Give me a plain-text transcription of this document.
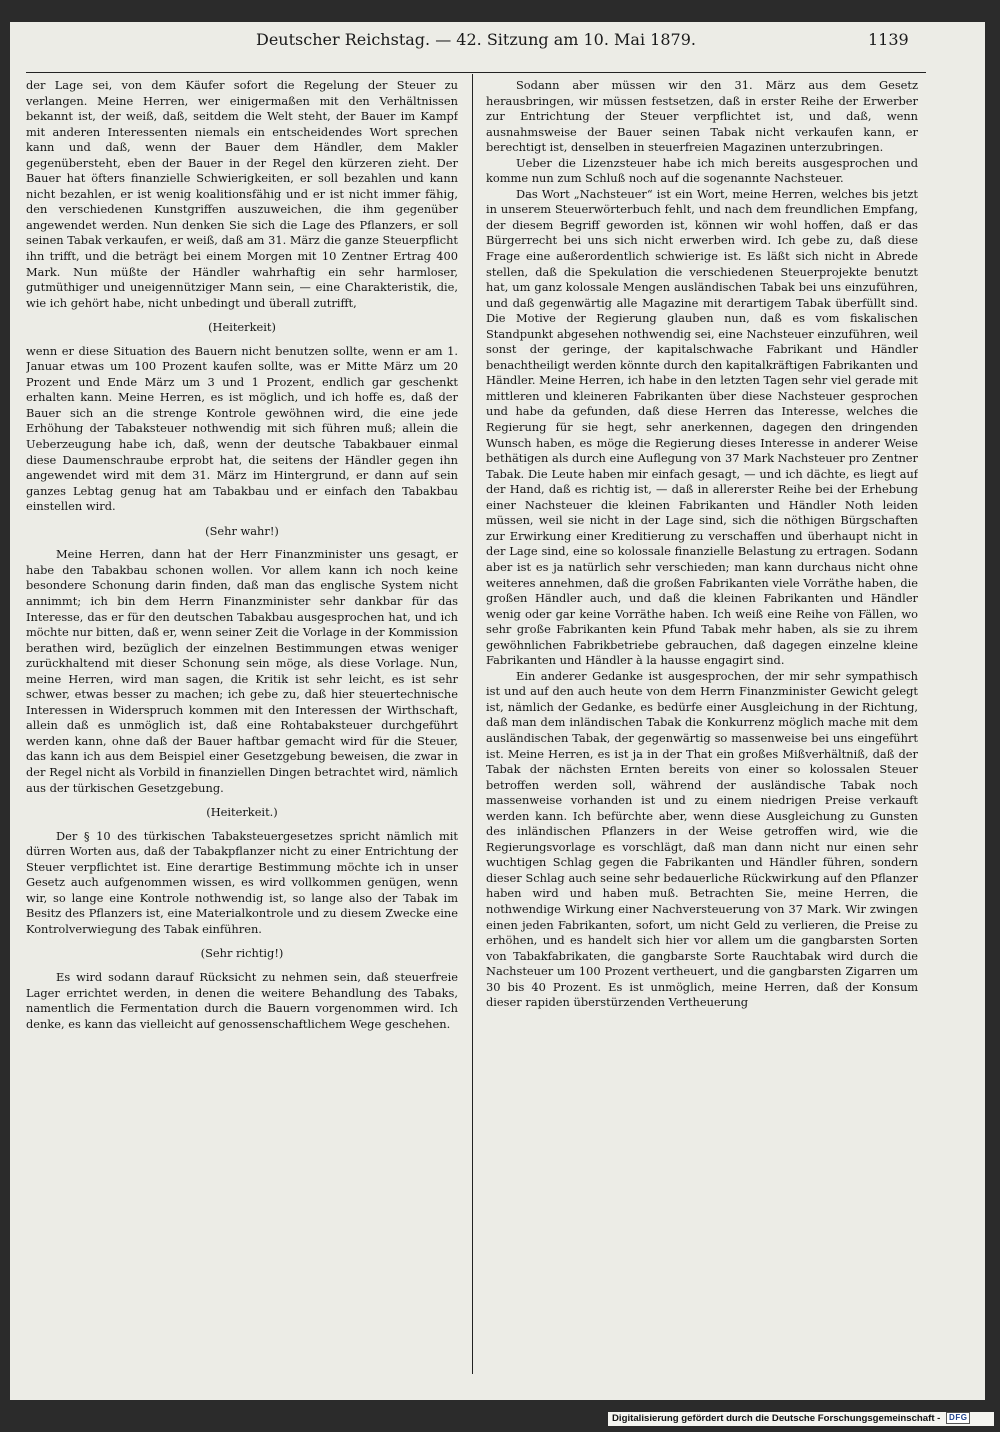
Deutscher Reichstag. — 42. Sitzung am 10. Mai 1879.	1139

der Lage sei, von dem Käufer sofort die Regelung der Steuer zu verlangen. Meine Herren, wer einigermaßen mit den Verhältnissen bekannt ist, der weiß, daß, seitdem die Welt steht, der Bauer im Kampf mit anderen Interessenten niemals ein entscheidendes Wort sprechen kann und daß, wenn der Bauer dem Händler, dem Makler gegenübersteht, eben der Bauer in der Regel den kürzeren zieht. Der Bauer hat öfters finanzielle Schwierigkeiten, er soll bezahlen und kann nicht bezahlen, er ist wenig koalitionsfähig und er ist nicht immer fähig, den verschiedenen Kunstgriffen auszuweichen, die ihm gegenüber angewendet werden. Nun denken Sie sich die Lage des Pflanzers, er soll seinen Tabak verkaufen, er weiß, daß am 31. März die ganze Steuerpflicht ihn trifft, und die beträgt bei einem Morgen mit 10 Zentner Ertrag 400 Mark. Nun müßte der Händler wahrhaftig ein sehr harmloser, gutmüthiger und uneigennütziger Mann sein, — eine Charakteristik, die, wie ich gehört habe, nicht unbedingt und überall zutrifft,

(Heiterkeit)

wenn er diese Situation des Bauern nicht benutzen sollte, wenn er am 1. Januar etwas um 100 Prozent kaufen sollte, was er Mitte März um 20 Prozent und Ende März um 3 und 1 Prozent, endlich gar geschenkt erhalten kann. Meine Herren, es ist möglich, und ich hoffe es, daß der Bauer sich an die strenge Kontrole gewöhnen wird, die eine jede Erhöhung der Tabaksteuer nothwendig mit sich führen muß; allein die Ueberzeugung habe ich, daß, wenn der deutsche Tabakbauer einmal diese Daumenschraube erprobt hat, die seitens der Händler gegen ihn angewendet wird mit dem 31. März im Hintergrund, er dann auf sein ganzes Lebtag genug hat am Tabakbau und er einfach den Tabakbau einstellen wird.

(Sehr wahr!)

Meine Herren, dann hat der Herr Finanzminister uns gesagt, er habe den Tabakbau schonen wollen. Vor allem kann ich noch keine besondere Schonung darin finden, daß man das englische System nicht annimmt; ich bin dem Herrn Finanzminister sehr dankbar für das Interesse, das er für den deutschen Tabakbau ausgesprochen hat, und ich möchte nur bitten, daß er, wenn seiner Zeit die Vorlage in der Kommission berathen wird, bezüglich der einzelnen Bestimmungen etwas weniger zurückhaltend mit dieser Schonung sein möge, als diese Vorlage. Nun, meine Herren, wird man sagen, die Kritik ist sehr leicht, es ist sehr schwer, etwas besser zu machen; ich gebe zu, daß hier steuertechnische Interessen in Widerspruch kommen mit den Interessen der Wirthschaft, allein daß es unmöglich ist, daß eine Rohtabaksteuer durchgeführt werden kann, ohne daß der Bauer haftbar gemacht wird für die Steuer, das kann ich aus dem Beispiel einer Gesetzgebung beweisen, die zwar in der Regel nicht als Vorbild in finanziellen Dingen betrachtet wird, nämlich aus der türkischen Gesetzgebung.

(Heiterkeit.)

Der § 10 des türkischen Tabaksteuergesetzes spricht nämlich mit dürren Worten aus, daß der Tabakpflanzer nicht zu einer Entrichtung der Steuer verpflichtet ist. Eine derartige Bestimmung möchte ich in unser Gesetz auch aufgenommen wissen, es wird vollkommen genügen, wenn wir, so lange eine Kontrole nothwendig ist, so lange also der Tabak im Besitz des Pflanzers ist, eine Materialkontrole und zu diesem Zwecke eine Kontrolverwiegung des Tabak einführen.

(Sehr richtig!)

Es wird sodann darauf Rücksicht zu nehmen sein, daß steuerfreie Lager errichtet werden, in denen die weitere Behandlung des Tabaks, namentlich die Fermentation durch die Bauern vorgenommen wird. Ich denke, es kann das vielleicht auf genossenschaftlichem Wege geschehen.

Sodann aber müssen wir den 31. März aus dem Gesetz herausbringen, wir müssen festsetzen, daß in erster Reihe der Erwerber zur Entrichtung der Steuer verpflichtet ist, und daß, wenn ausnahmsweise der Bauer seinen Tabak nicht verkaufen kann, er berechtigt ist, denselben in steuerfreien Magazinen unterzubringen.

Ueber die Lizenzsteuer habe ich mich bereits ausgesprochen und komme nun zum Schluß noch auf die sogenannte Nachsteuer.

Das Wort „Nachsteuer“ ist ein Wort, meine Herren, welches bis jetzt in unserem Steuerwörterbuch fehlt, und nach dem freundlichen Empfang, der diesem Begriff geworden ist, können wir wohl hoffen, daß er das Bürgerrecht bei uns sich nicht erwerben wird. Ich gebe zu, daß diese Frage eine außerordentlich schwierige ist. Es läßt sich nicht in Abrede stellen, daß die Spekulation die verschiedenen Steuerprojekte benutzt hat, um ganz kolossale Mengen ausländischen Tabak bei uns einzuführen, und daß gegenwärtig alle Magazine mit derartigem Tabak überfüllt sind. Die Motive der Regierung glauben nun, daß es vom fiskalischen Standpunkt abgesehen nothwendig sei, eine Nachsteuer einzuführen, weil sonst der geringe, der kapitalschwache Fabrikant und Händler benachtheiligt werden könnte durch den kapitalkräftigen Fabrikanten und Händler. Meine Herren, ich habe in den letzten Tagen sehr viel gerade mit mittleren und kleineren Fabrikanten über diese Nachsteuer gesprochen und habe da gefunden, daß diese Herren das Interesse, welches die Regierung für sie hegt, sehr anerkennen, dagegen den dringenden Wunsch haben, es möge die Regierung dieses Interesse in anderer Weise bethätigen als durch eine Auflegung von 37 Mark Nachsteuer pro Zentner Tabak. Die Leute haben mir einfach gesagt, — und ich dächte, es liegt auf der Hand, daß es richtig ist, — daß in allererster Reihe bei der Erhebung einer Nachsteuer die kleinen Fabrikanten und Händler Noth leiden müssen, weil sie nicht in der Lage sind, sich die nöthigen Bürgschaften zur Erwirkung einer Kreditierung zu verschaffen und überhaupt nicht in der Lage sind, eine so kolossale finanzielle Belastung zu ertragen. Sodann aber ist es ja natürlich sehr verschieden; man kann durchaus nicht ohne weiteres annehmen, daß die großen Fabrikanten viele Vorräthe haben, die großen Händler auch, und daß die kleinen Fabrikanten und Händler wenig oder gar keine Vorräthe haben. Ich weiß eine Reihe von Fällen, wo sehr große Fabrikanten kein Pfund Tabak mehr haben, als sie zu ihrem gewöhnlichen Fabrikbetriebe gebrauchen, daß dagegen einzelne kleine Fabrikanten und Händler à la hausse engagirt sind.

Ein anderer Gedanke ist ausgesprochen, der mir sehr sympathisch ist und auf den auch heute von dem Herrn Finanzminister Gewicht gelegt ist, nämlich der Gedanke, es bedürfe einer Ausgleichung in der Richtung, daß man dem inländischen Tabak die Konkurrenz möglich mache mit dem ausländischen Tabak, der gegenwärtig so massenweise bei uns eingeführt ist. Meine Herren, es ist ja in der That ein großes Mißverhältniß, daß der Tabak der nächsten Ernten bereits von einer so kolossalen Steuer betroffen werden soll, während der ausländische Tabak noch massenweise vorhanden ist und zu einem niedrigen Preise verkauft werden kann. Ich befürchte aber, wenn diese Ausgleichung zu Gunsten des inländischen Pflanzers in der Weise getroffen wird, wie die Regierungsvorlage es vorschlägt, daß man dann nicht nur einen sehr wuchtigen Schlag gegen die Fabrikanten und Händler führen, sondern dieser Schlag auch seine sehr bedauerliche Rückwirkung auf den Pflanzer haben wird und haben muß. Betrachten Sie, meine Herren, die nothwendige Wirkung einer Nachversteuerung von 37 Mark. Wir zwingen einen jeden Fabrikanten, sofort, um nicht Geld zu verlieren, die Preise zu erhöhen, und es handelt sich hier vor allem um die gangbarsten Sorten von Tabakfabrikaten, die gangbarste Sorte Rauchtabak wird durch die Nachsteuer um 100 Prozent vertheuert, und die gangbarsten Zigarren um 30 bis 40 Prozent. Es ist unmöglich, meine Herren, daß der Konsum dieser rapiden überstürzenden Vertheuerung

Digitalisierung gefördert durch die Deutsche Forschungsgemeinschaft - DFG
